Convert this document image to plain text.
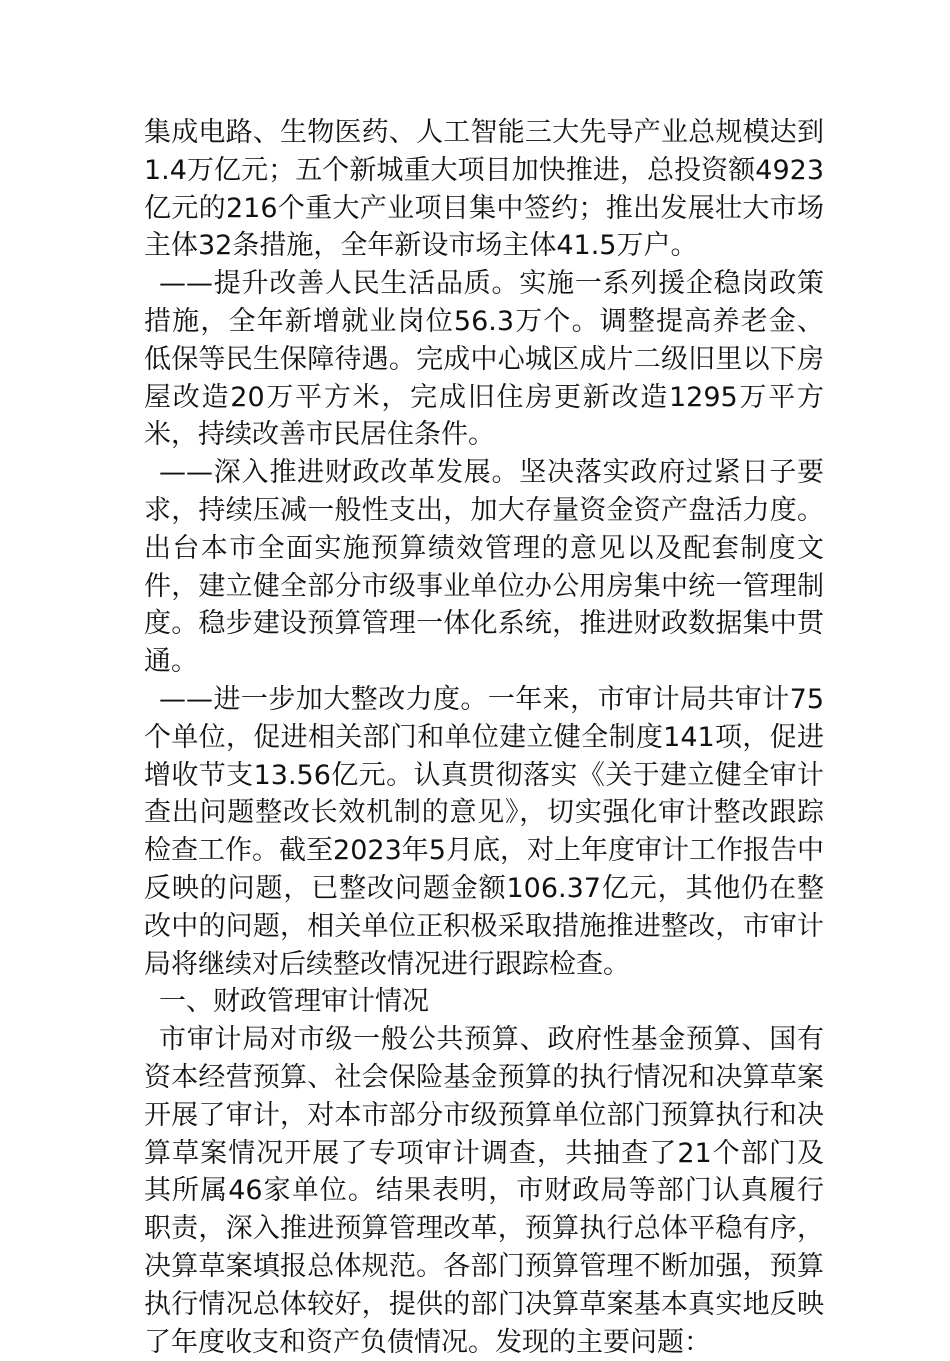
集成电路、生物医药、人工智能三大先导产业总规模达到1.4万亿元；五个新城重大项目加快推进，总投资额4923亿元的216个重大产业项目集中签约；推出发展壮大市场主体32条措施，全年新设市场主体41.5万户。

——提升改善人民生活品质。实施一系列援企稳岗政策措施，全年新增就业岗位56.3万个。调整提高养老金、低保等民生保障待遇。完成中心城区成片二级旧里以下房屋改造20万平方米，完成旧住房更新改造1295万平方米，持续改善市民居住条件。

——深入推进财政改革发展。坚决落实政府过紧日子要求，持续压减一般性支出，加大存量资金资产盘活力度。出台本市全面实施预算绩效管理的意见以及配套制度文件，建立健全部分市级事业单位办公用房集中统一管理制度。稳步建设预算管理一体化系统，推进财政数据集中贯通。

——进一步加大整改力度。一年来，市审计局共审计75个单位，促进相关部门和单位建立健全制度141项，促进增收节支13.56亿元。认真贯彻落实《关于建立健全审计查出问题整改长效机制的意见》，切实强化审计整改跟踪检查工作。截至2023年5月底，对上年度审计工作报告中反映的问题，已整改问题金额106.37亿元，其他仍在整改中的问题，相关单位正积极采取措施推进整改，市审计局将继续对后续整改情况进行跟踪检查。

一、财政管理审计情况

市审计局对市级一般公共预算、政府性基金预算、国有资本经营预算、社会保险基金预算的执行情况和决算草案开展了审计，对本市部分市级预算单位部门预算执行和决算草案情况开展了专项审计调查，共抽查了21个部门及其所属46家单位。结果表明，市财政局等部门认真履行职责，深入推进预算管理改革，预算执行总体平稳有序，决算草案填报总体规范。各部门预算管理不断加强，预算执行情况总体较好，提供的部门决算草案基本真实地反映了年度收支和资产负债情况。发现的主要问题：
